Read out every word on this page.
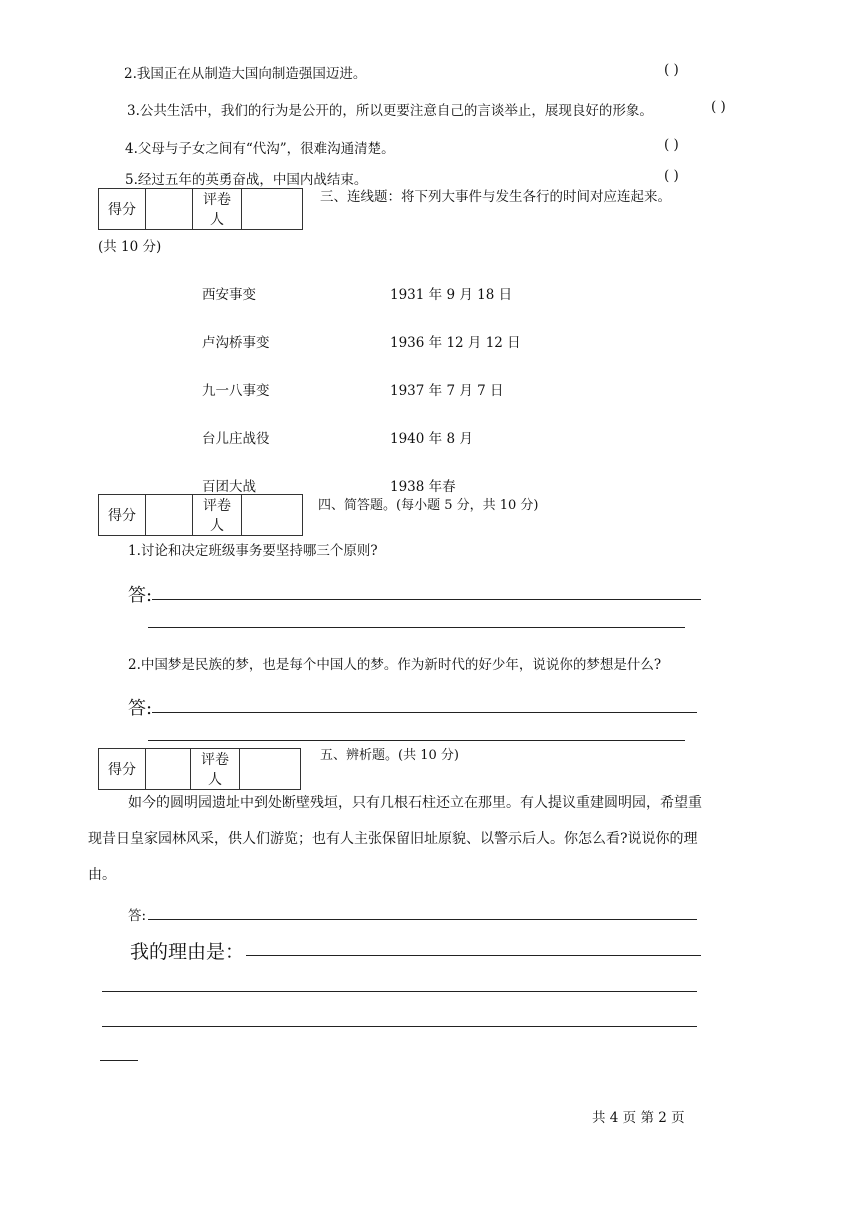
2.我国正在从制造大国向制造强国迈进。	( )
3.公共生活中，我们的行为是公开的，所以更要注意自己的言谈举止，展现良好的形象。	( )
4.父母与子女之间有“代沟”，很难沟通清楚。	( )
5.经过五年的英勇奋战，中国内战结束。	( )
得分		评卷人	
三、连线题：将下列大事件与发生各行的时间对应连起来。
(共 10 分)
西安事变	1931 年 9 月 18 日
卢沟桥事变	1936 年 12 月 12 日
九一八事变	1937 年 7 月 7 日
台儿庄战役	1940 年 8 月
百团大战	1938 年春
得分		评卷人	
四、简答题。(每小题 5 分，共 10 分)
1.讨论和决定班级事务要坚持哪三个原则?
答:
2.中国梦是民族的梦，也是每个中国人的梦。作为新时代的好少年，说说你的梦想是什么?
答:
得分		评卷人	
五、辨析题。(共 10 分)
如今的圆明园遗址中到处断壁残垣，只有几根石柱还立在那里。有人提议重建圆明园，希望重现昔日皇家园林风采，供人们游览；也有人主张保留旧址原貌、以警示后人。你怎么看?说说你的理由。
答:
我的理由是：
共 4 页 第 2 页
